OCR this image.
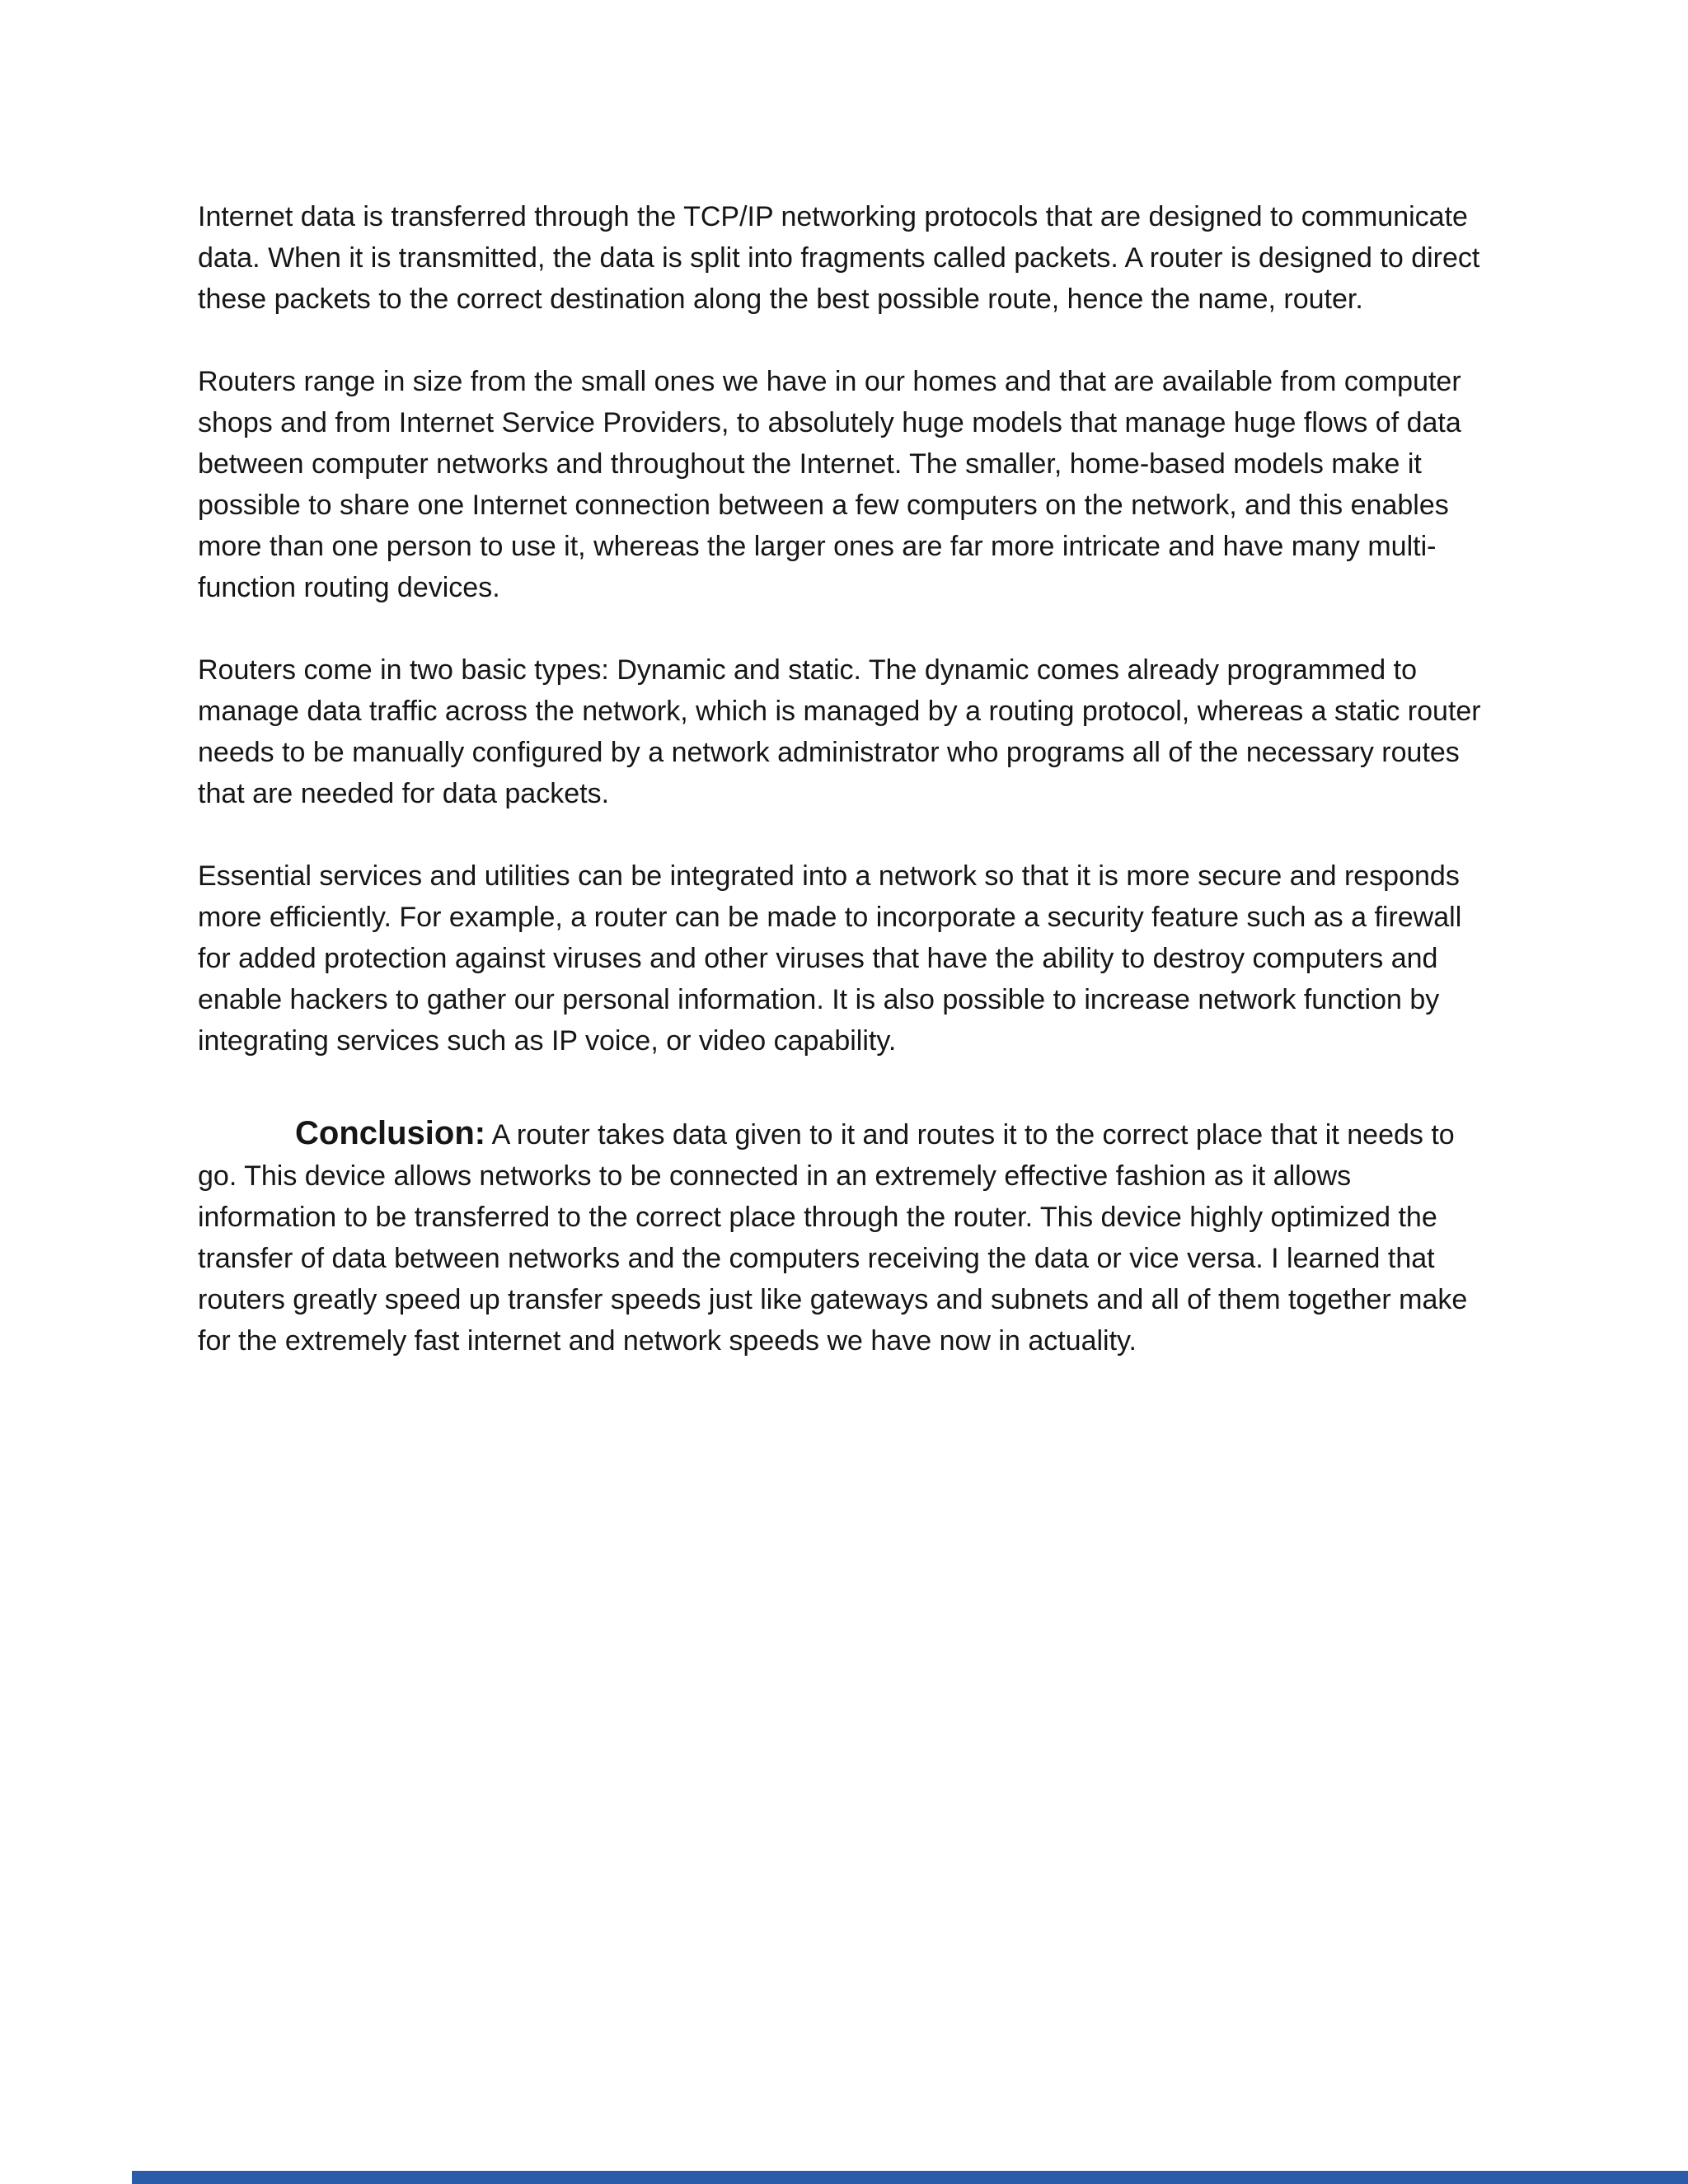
Internet data is transferred through the TCP/IP networking protocols that are designed to communicate data. When it is transmitted, the data is split into fragments called packets. A router is designed to direct these packets to the correct destination along the best possible route, hence the name, router.

Routers range in size from the small ones we have in our homes and that are available from computer shops and from Internet Service Providers, to absolutely huge models that manage huge flows of data between computer networks and throughout the Internet. The smaller, home-based models make it possible to share one Internet connection between a few computers on the network, and this enables more than one person to use it, whereas the larger ones are far more intricate and have many multi-function routing devices.

Routers come in two basic types: Dynamic and static. The dynamic comes already programmed to manage data traffic across the network, which is managed by a routing protocol, whereas a static router needs to be manually configured by a network administrator who programs all of the necessary routes that are needed for data packets.

Essential services and utilities can be integrated into a network so that it is more secure and responds more efficiently. For example, a router can be made to incorporate a security feature such as a firewall for added protection against viruses and other viruses that have the ability to destroy computers and enable hackers to gather our personal information. It is also possible to increase network function by integrating services such as IP voice, or video capability.

Conclusion: A router takes data given to it and routes it to the correct place that it needs to go. This device allows networks to be connected in an extremely effective fashion as it allows information to be transferred to the correct place through the router. This device highly optimized the transfer of data between networks and the computers receiving the data or vice versa. I learned that routers greatly speed up transfer speeds just like gateways and subnets and all of them together make for the extremely fast internet and network speeds we have now in actuality.
